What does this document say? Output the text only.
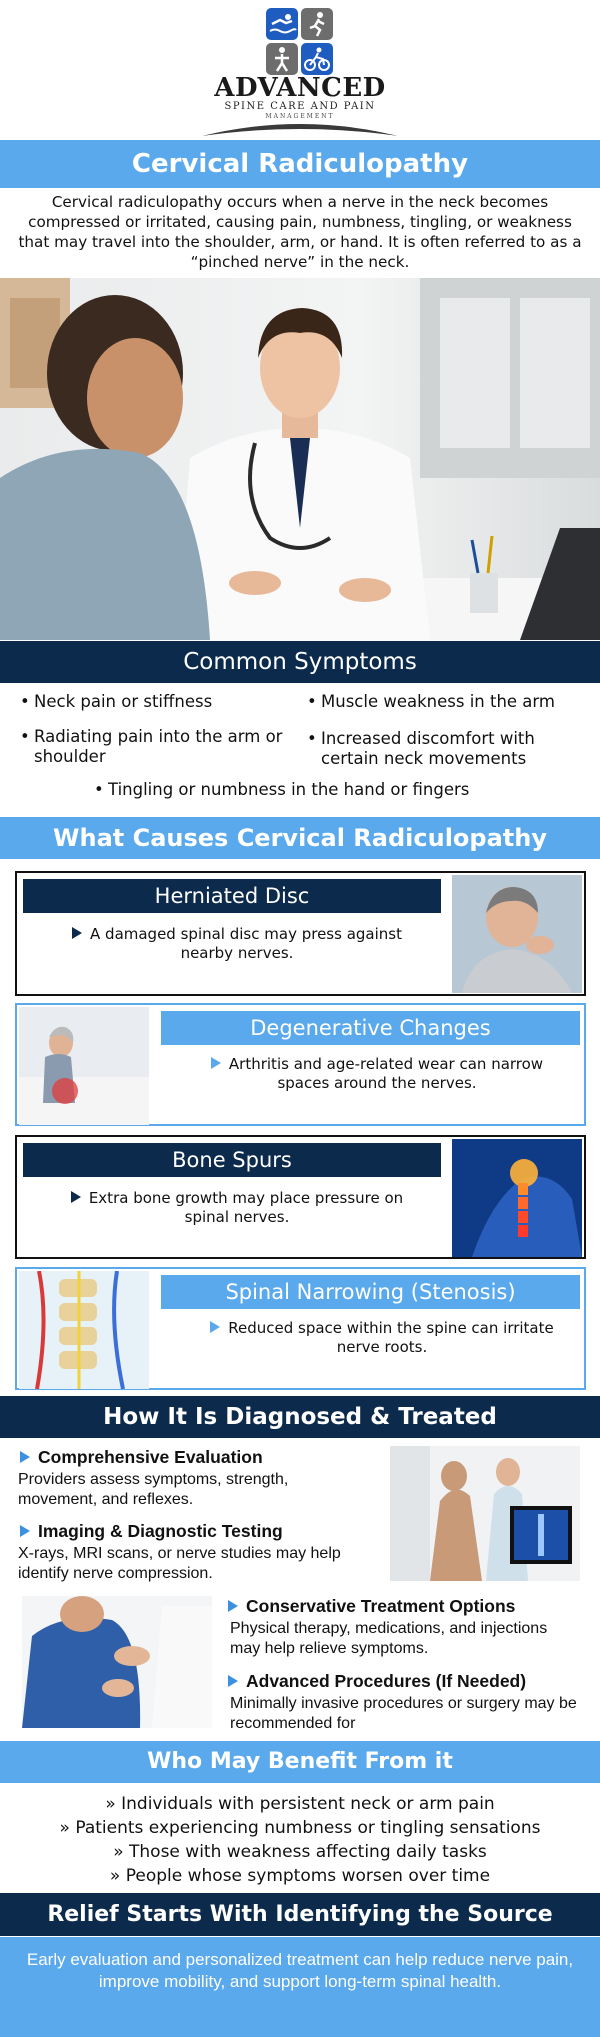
ADVANCED
SPINE CARE AND PAIN
MANAGEMENT
Cervical Radiculopathy
Cervical radiculopathy occurs when a nerve in the neck becomes compressed or irritated, causing pain, numbness, tingling, or weakness that may travel into the shoulder, arm, or hand. It is often referred to as a “pinched nerve” in the neck.
Common Symptoms
• Neck pain or stiffness	• Muscle weakness in the arm
• Radiating pain into the arm or shoulder
• Increased discomfort with certain neck movements
• Tingling or numbness in the hand or fingers
What Causes Cervical Radiculopathy
Herniated Disc
A damaged spinal disc may press against nearby nerves.
Degenerative Changes
Arthritis and age-related wear can narrow spaces around the nerves.
Bone Spurs
Extra bone growth may place pressure on spinal nerves.
Spinal Narrowing (Stenosis)
Reduced space within the spine can irritate nerve roots.
How It Is Diagnosed & Treated
Comprehensive Evaluation
Providers assess symptoms, strength, movement, and reflexes.
Imaging & Diagnostic Testing
X-rays, MRI scans, or nerve studies may help identify nerve compression.
Conservative Treatment Options
Physical therapy, medications, and injections may help relieve symptoms.
Advanced Procedures (If Needed)
Minimally invasive procedures or surgery may be recommended for
Who May Benefit From it
» Individuals with persistent neck or arm pain
» Patients experiencing numbness or tingling sensations
» Those with weakness affecting daily tasks
» People whose symptoms worsen over time
Relief Starts With Identifying the Source
Early evaluation and personalized treatment can help reduce nerve pain, improve mobility, and support long-term spinal health.
